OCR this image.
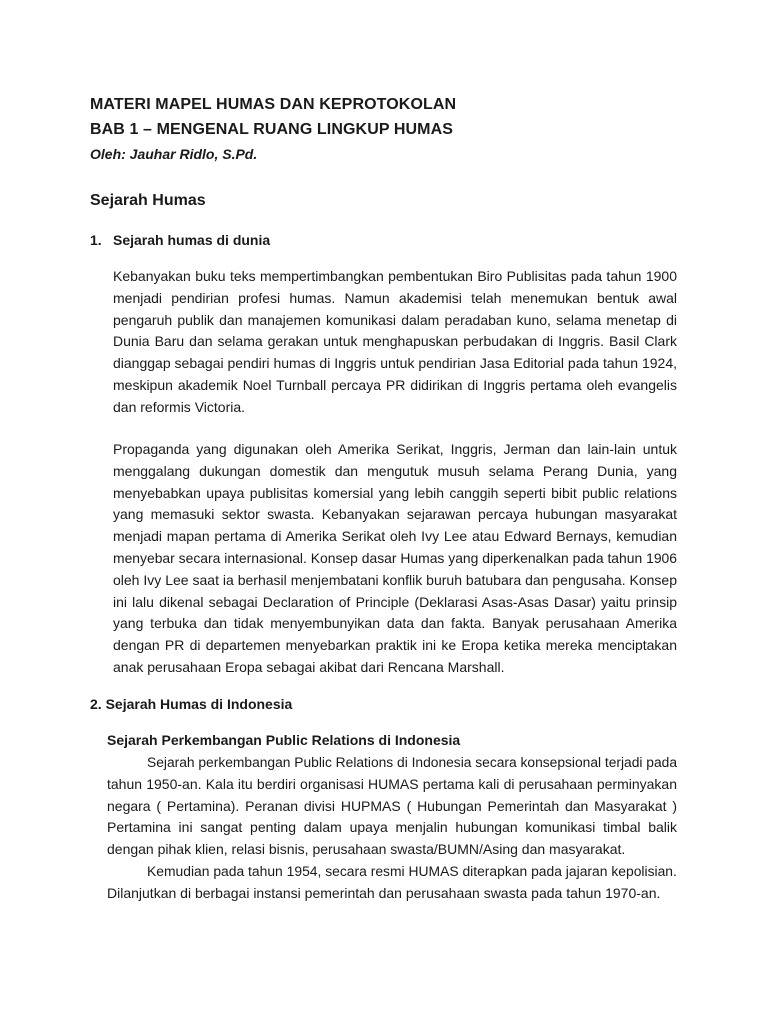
MATERI MAPEL HUMAS DAN KEPROTOKOLAN
BAB 1 – MENGENAL RUANG LINGKUP HUMAS
Oleh: Jauhar Ridlo, S.Pd.
Sejarah Humas
1. Sejarah humas di dunia
Kebanyakan buku teks mempertimbangkan pembentukan Biro Publisitas pada tahun 1900
menjadi pendirian profesi humas. Namun akademisi telah menemukan bentuk awal
pengaruh publik dan manajemen komunikasi dalam peradaban kuno, selama menetap di
Dunia Baru dan selama gerakan untuk menghapuskan perbudakan di Inggris. Basil Clark
dianggap sebagai pendiri humas di Inggris untuk pendirian Jasa Editorial pada tahun 1924,
meskipun akademik Noel Turnball percaya PR didirikan di Inggris pertama oleh evangelis
dan reformis Victoria.
Propaganda yang digunakan oleh Amerika Serikat, Inggris, Jerman dan lain-lain untuk
menggalang dukungan domestik dan mengutuk musuh selama Perang Dunia, yang
menyebabkan upaya publisitas komersial yang lebih canggih seperti bibit public relations
yang memasuki sektor swasta. Kebanyakan sejarawan percaya hubungan masyarakat
menjadi mapan pertama di Amerika Serikat oleh Ivy Lee atau Edward Bernays, kemudian
menyebar secara internasional. Konsep dasar Humas yang diperkenalkan pada tahun 1906
oleh Ivy Lee saat ia berhasil menjembatani konflik buruh batubara dan pengusaha. Konsep
ini lalu dikenal sebagai Declaration of Principle (Deklarasi Asas-Asas Dasar) yaitu prinsip
yang terbuka dan tidak menyembunyikan data dan fakta. Banyak perusahaan Amerika
dengan PR di departemen menyebarkan praktik ini ke Eropa ketika mereka menciptakan
anak perusahaan Eropa sebagai akibat dari Rencana Marshall.
2. Sejarah Humas di Indonesia
Sejarah Perkembangan Public Relations di Indonesia
Sejarah perkembangan Public Relations di Indonesia secara konsepsional terjadi pada
tahun 1950-an. Kala itu berdiri organisasi HUMAS pertama kali di perusahaan perminyakan
negara ( Pertamina). Peranan divisi HUPMAS ( Hubungan Pemerintah dan Masyarakat )
Pertamina ini sangat penting dalam upaya menjalin hubungan komunikasi timbal balik
dengan pihak klien, relasi bisnis, perusahaan swasta/BUMN/Asing dan masyarakat.
Kemudian pada tahun 1954, secara resmi HUMAS diterapkan pada jajaran kepolisian.
Dilanjutkan di berbagai instansi pemerintah dan perusahaan swasta pada tahun 1970-an.
